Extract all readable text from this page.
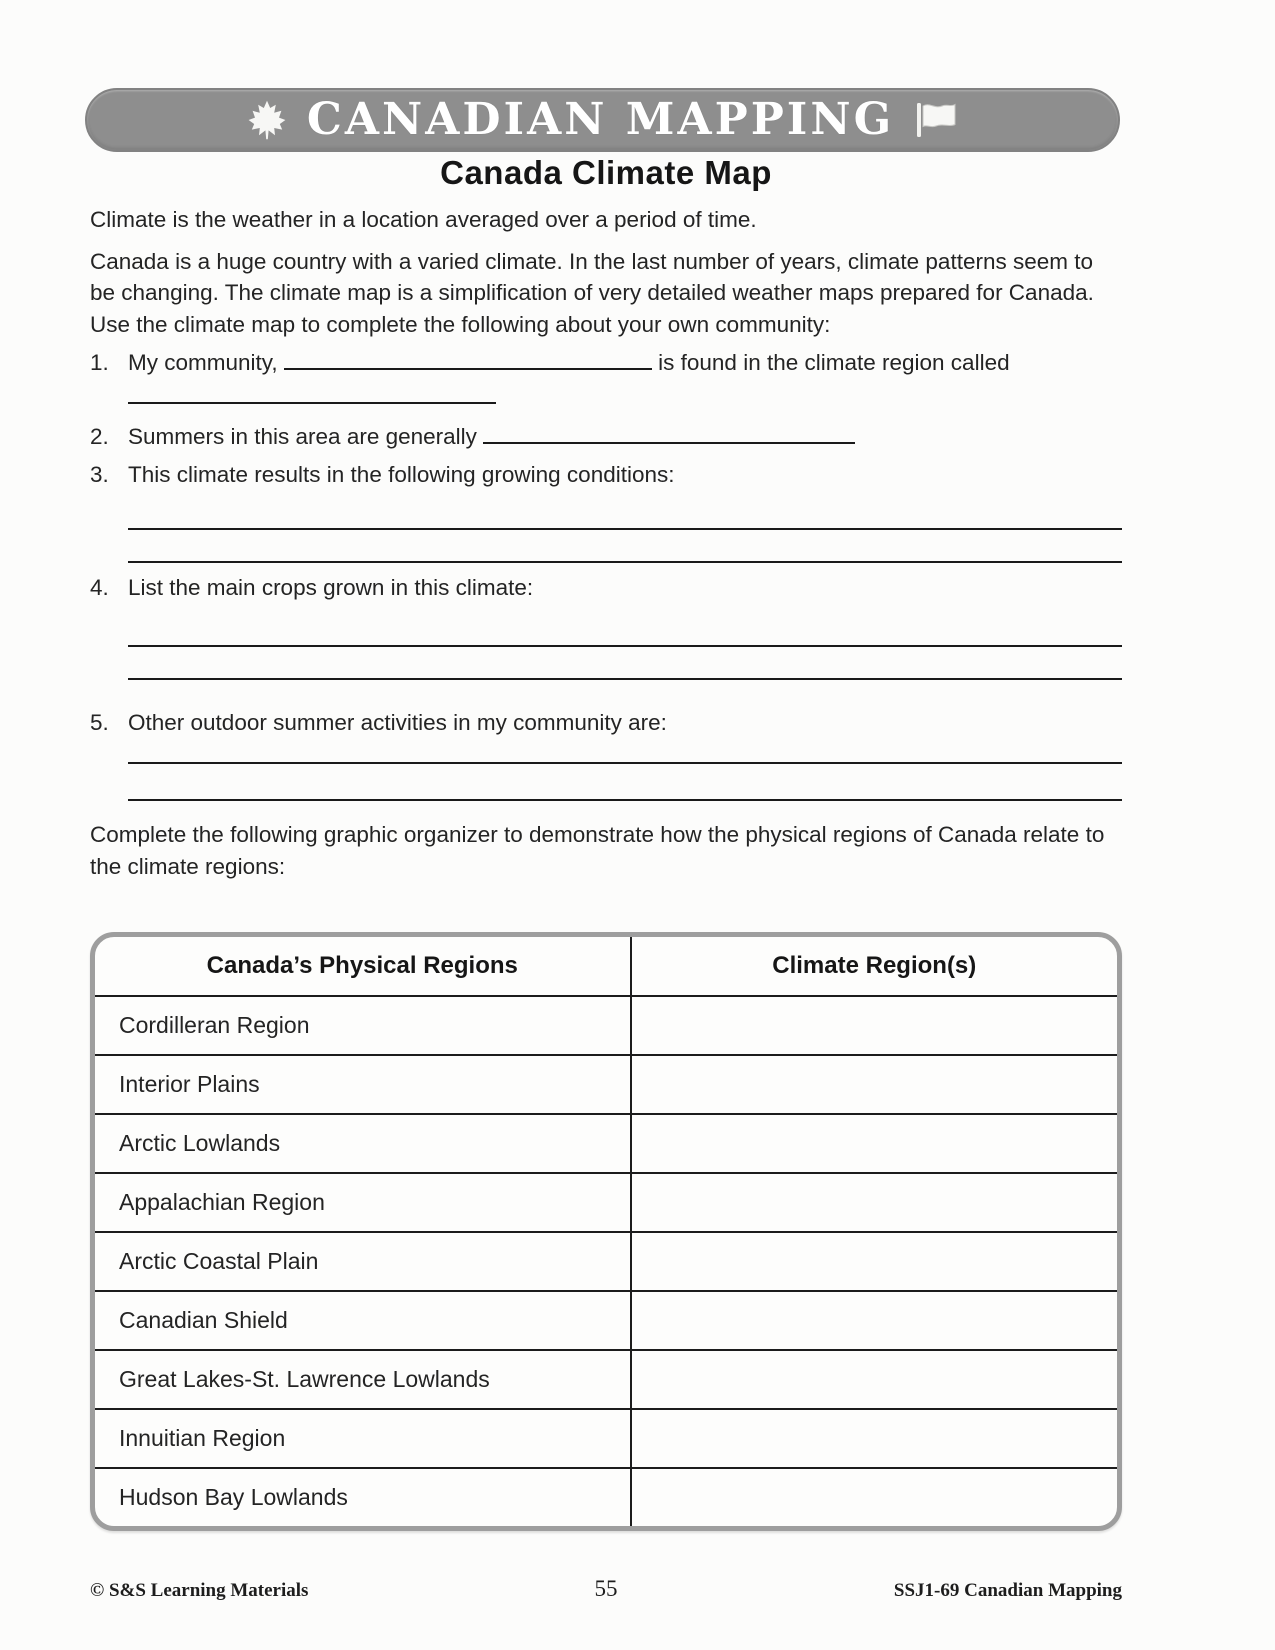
CANADIAN MAPPING
Canada Climate Map

Climate is the weather in a location averaged over a period of time.

Canada is a huge country with a varied climate. In the last number of years, climate patterns seem to be changing. The climate map is a simplification of very detailed weather maps prepared for Canada. Use the climate map to complete the following about your own community:

1. My community,	is found in the climate region called
2. Summers in this area are generally
3. This climate results in the following growing conditions:
4. List the main crops grown in this climate:
5. Other outdoor summer activities in my community are:

Complete the following graphic organizer to demonstrate how the physical regions of Canada relate to the climate regions:

Canada’s Physical Regions	Climate Region(s)
Cordilleran Region
Interior Plains
Arctic Lowlands
Appalachian Region
Arctic Coastal Plain
Canadian Shield
Great Lakes-St. Lawrence Lowlands
Innuitian Region
Hudson Bay Lowlands
© S&S Learning Materials	55	SSJ1-69 Canadian Mapping
